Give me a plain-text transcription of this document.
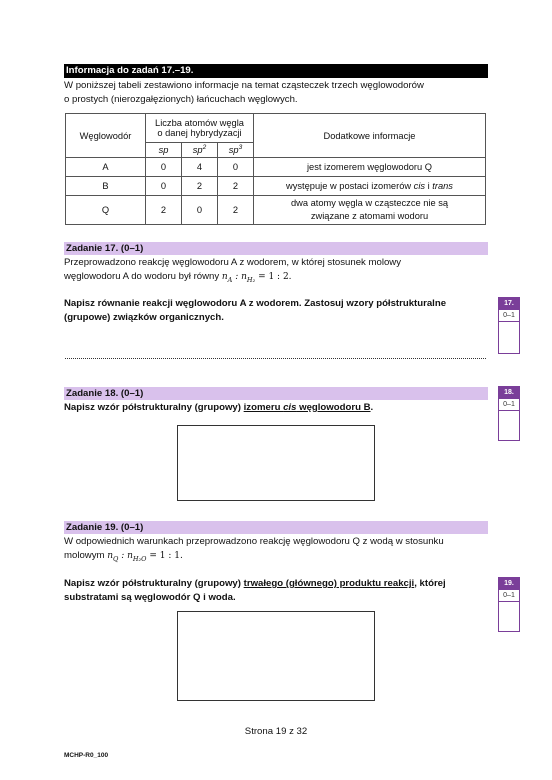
Informacja do zadań 17.–19.
W poniższej tabeli zestawiono informacje na temat cząsteczek trzech węglowodorów
o prostych (nierozgałęzionych) łańcuchach węglowych.
Węglowodór	Liczba atomów węgla
o danej hybrydyzacji			Dodatkowe informacje
	sp	$sp^2$	$sp^3$
A	0	4	0	jest izomerem węglowodoru Q
B	0	2	2	występuje w postaci izomerów cis i trans
Q	2	0	2	dwa atomy węgla w cząsteczce nie są
związane z atomami wodoru
Zadanie 17. (0–1)
Przeprowadzono reakcję węglowodoru A z wodorem, w której stosunek molowy
węglowodoru A do wodoru był równy $n_A$ : $n_{H_2} = 1$ : 2.
Napisz równanie reakcji węglowodoru A z wodorem. Zastosuj wzory półstrukturalne
(grupowe) związków organicznych.
17.
0–1
Zadanie 18. (0–1)
Napisz wzór półstrukturalny (grupowy) izomeru cis węglowodoru B.
18.
0–1
Zadanie 19. (0–1)
W odpowiednich warunkach przeprowadzono reakcję węglowodoru Q z wodą w stosunku
molowym $n_Q$ : $n_{H_2O} = 1$ : 1.
Napisz wzór półstrukturalny (grupowy) trwałego (głównego) produktu reakcji, której
substratami są węglowodór Q i woda.
19.
0–1
Strona 19 z 32
MCHP-R0_100
